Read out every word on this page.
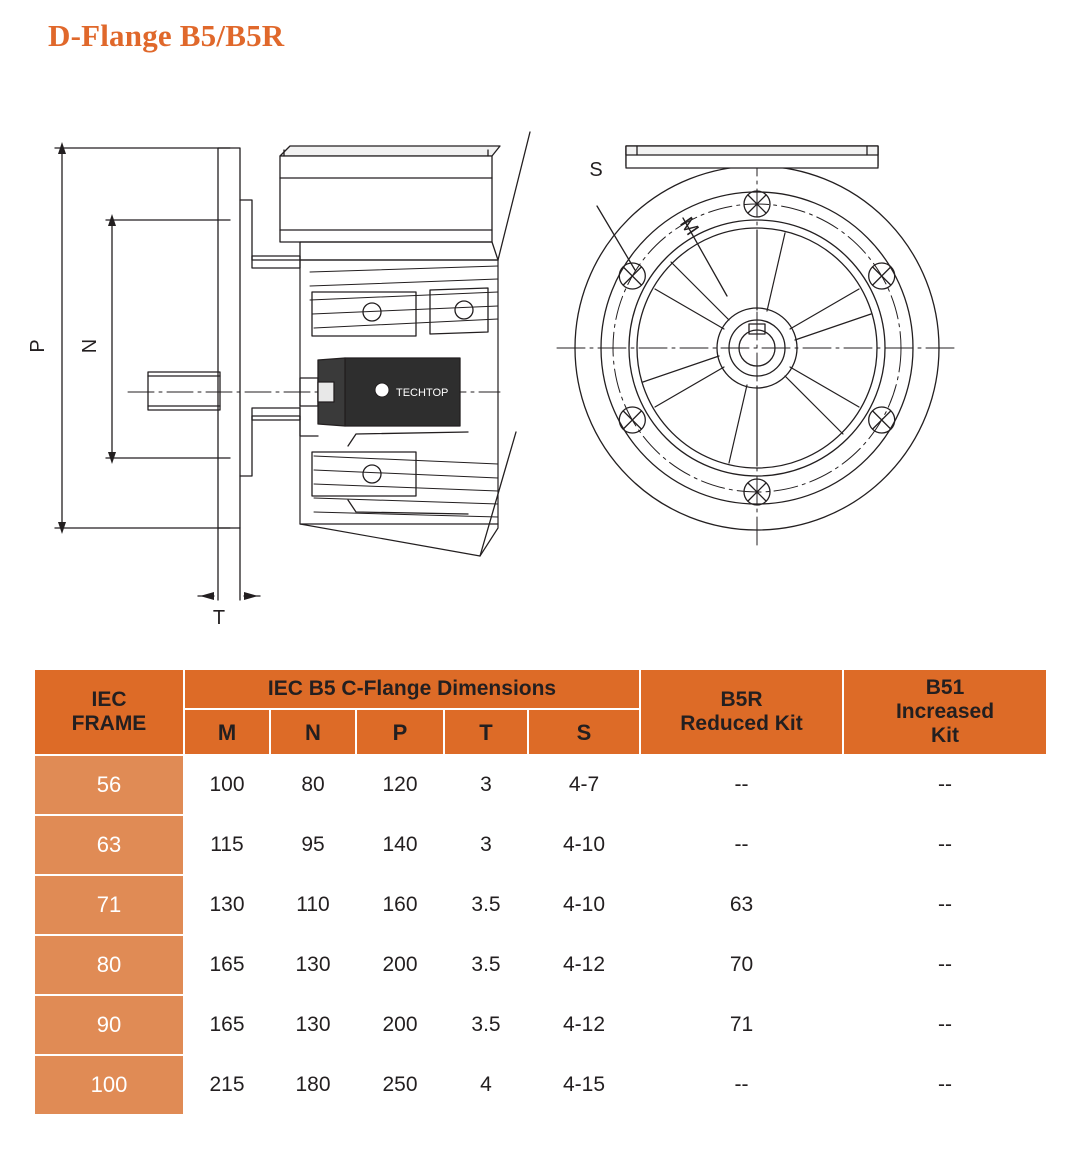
D-Flange B5/B5R
P N
T
S
M
TECHTOP
IEC
FRAME
	IEC B5 C-Flange Dimensions	B5R
Reduced Kit

B51
Increased
Kit

	M	N	P	T	S		
56	100	80	120	3	4-7	--	--
63	115	95	140	3	4-10	--	--
71	130	110	160	3.5	4-10	63	--
80	165	130	200	3.5	4-12	70	--
90	165	130	200	3.5	4-12	71	--
100	215	180	250	4	4-15	--	--
